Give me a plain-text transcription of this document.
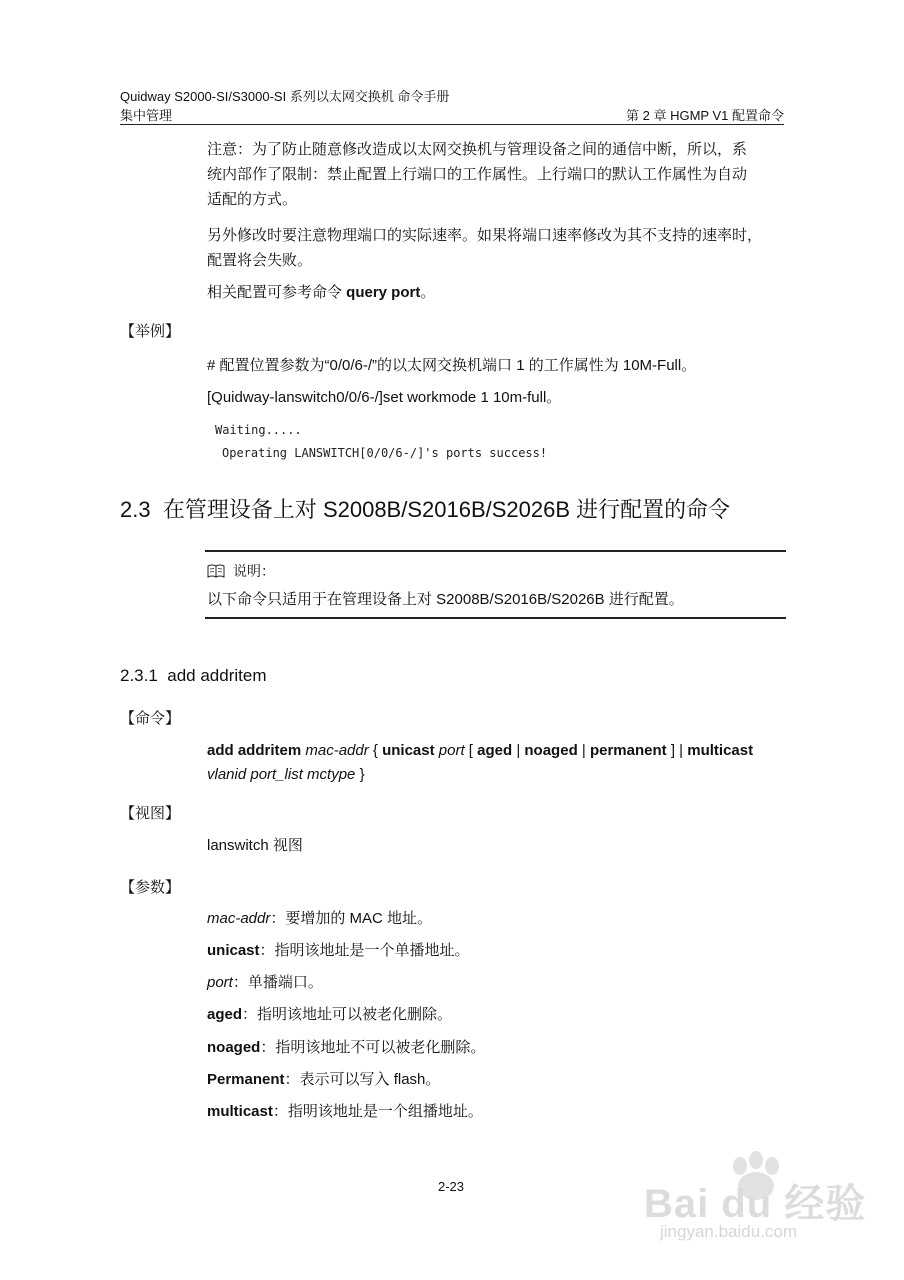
Quidway S2000-SI/S3000-SI 系列以太网交换机 命令手册
集中管理	第 2 章 HGMP V1 配置命令
注意：为了防止随意修改造成以太网交换机与管理设备之间的通信中断，所以，系
统内部作了限制：禁止配置上行端口的工作属性。上行端口的默认工作属性为自动
适配的方式。
另外修改时要注意物理端口的实际速率。如果将端口速率修改为其不支持的速率时，
配置将会失败。
相关配置可参考命令 query port。
【举例】
# 配置位置参数为“0/0/6-/”的以太网交换机端口 1 的工作属性为 10M-Full。
[Quidway-lanswitch0/0/6-/]set workmode 1 10m-full。
Waiting.....
Operating LANSWITCH[0/0/6-/]'s ports success!
2.3 在管理设备上对 S2008B/S2016B/S2026B 进行配置的命令
说明：
以下命令只适用于在管理设备上对 S2008B/S2016B/S2026B 进行配置。
2.3.1 add addritem
【命令】
add addritem mac-addr { unicast port [ aged | noaged | permanent ] | multicast
vlanid port_list mctype }
【视图】
lanswitch 视图
【参数】
mac-addr：要增加的 MAC 地址。
unicast：指明该地址是一个单播地址。
port：单播端口。
aged：指明该地址可以被老化删除。
noaged：指明该地址不可以被老化删除。
Permanent：表示可以写入 flash。
multicast：指明该地址是一个组播地址。
2-23	Bai du 经验
jingyan.baidu.com
